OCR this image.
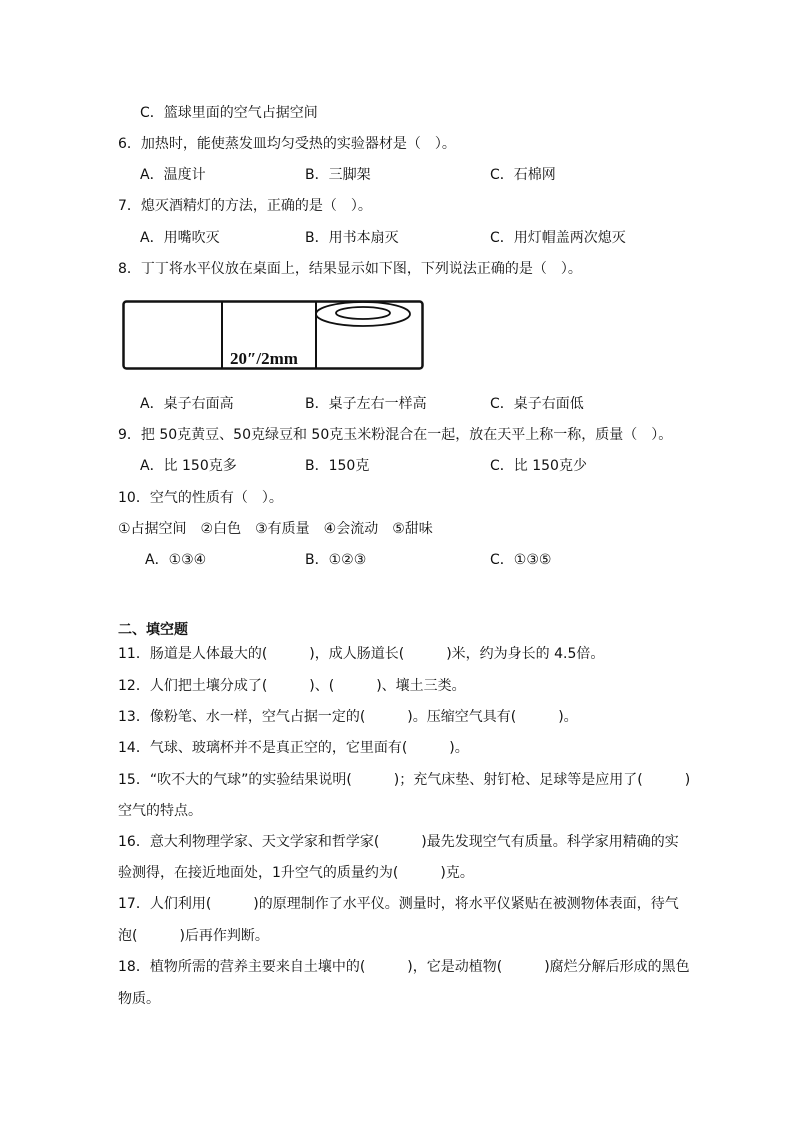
C．篮球里面的空气占据空间
6．加热时，能使蒸发皿均匀受热的实验器材是（　）。
A．温度计	B．三脚架	C．石棉网
7．熄灭酒精灯的方法，正确的是（　）。
A．用嘴吹灭	B．用书本扇灭	C．用灯帽盖两次熄灭
8．丁丁将水平仪放在桌面上，结果显示如下图，下列说法正确的是（　）。
20″/2mm
A．桌子右面高	B．桌子左右一样高	C．桌子右面低
9．把 50克黄豆、50克绿豆和 50克玉米粉混合在一起，放在天平上称一称，质量（　）。
A．比 150克多	B．150克	C．比 150克少
10．空气的性质有（　）。
①占据空间　②白色　③有质量　④会流动　⑤甜味
A．①③④	B．①②③	C．①③⑤
二、填空题
11．肠道是人体最大的(　　　)，成人肠道长(　　　)米，约为身长的 4.5倍。
12．人们把土壤分成了(　　　)、(　　　)、壤土三类。
13．像粉笔、水一样，空气占据一定的(　　　)。压缩空气具有(　　　)。
14．气球、玻璃杯并不是真正空的，它里面有(　　　)。
15．“吹不大的气球”的实验结果说明(　　　)；充气床垫、射钉枪、足球等是应用了(　　　)
空气的特点。
16．意大利物理学家、天文学家和哲学家(　　　)最先发现空气有质量。科学家用精确的实
验测得，在接近地面处，1升空气的质量约为(　　　)克。
17．人们利用(　　　)的原理制作了水平仪。测量时，将水平仪紧贴在被测物体表面，待气
泡(　　　)后再作判断。
18．植物所需的营养主要来自土壤中的(　　　)，它是动植物(　　　)腐烂分解后形成的黑色
物质。
